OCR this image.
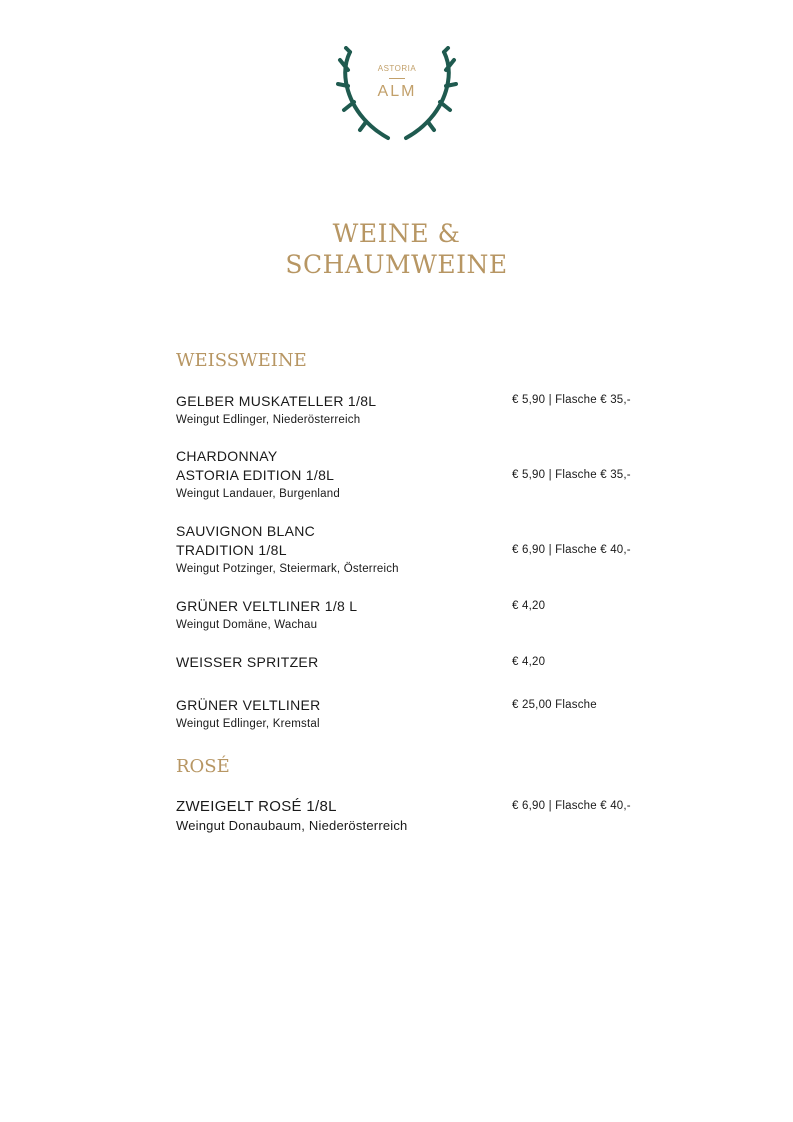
ASTORIA
ALM
WEINE &
SCHAUMWEINE
WEISSWEINE
GELBER MUSKATELLER 1/8L
Weingut Edlinger, Niederösterreich
€ 5,90 | Flasche € 35,-
CHARDONNAY
ASTORIA EDITION 1/8L
Weingut Landauer, Burgenland
€ 5,90 | Flasche € 35,-
SAUVIGNON BLANC
TRADITION 1/8L
Weingut Potzinger, Steiermark, Österreich
€ 6,90 | Flasche € 40,-
GRÜNER VELTLINER 1/8 L
Weingut Domäne, Wachau
€ 4,20
WEISSER SPRITZER	€ 4,20
GRÜNER VELTLINER
Weingut Edlinger, Kremstal
€ 25,00 Flasche
ROSÉ
ZWEIGELT ROSÉ 1/8L
Weingut Donaubaum, Niederösterreich
€ 6,90 | Flasche € 40,-
